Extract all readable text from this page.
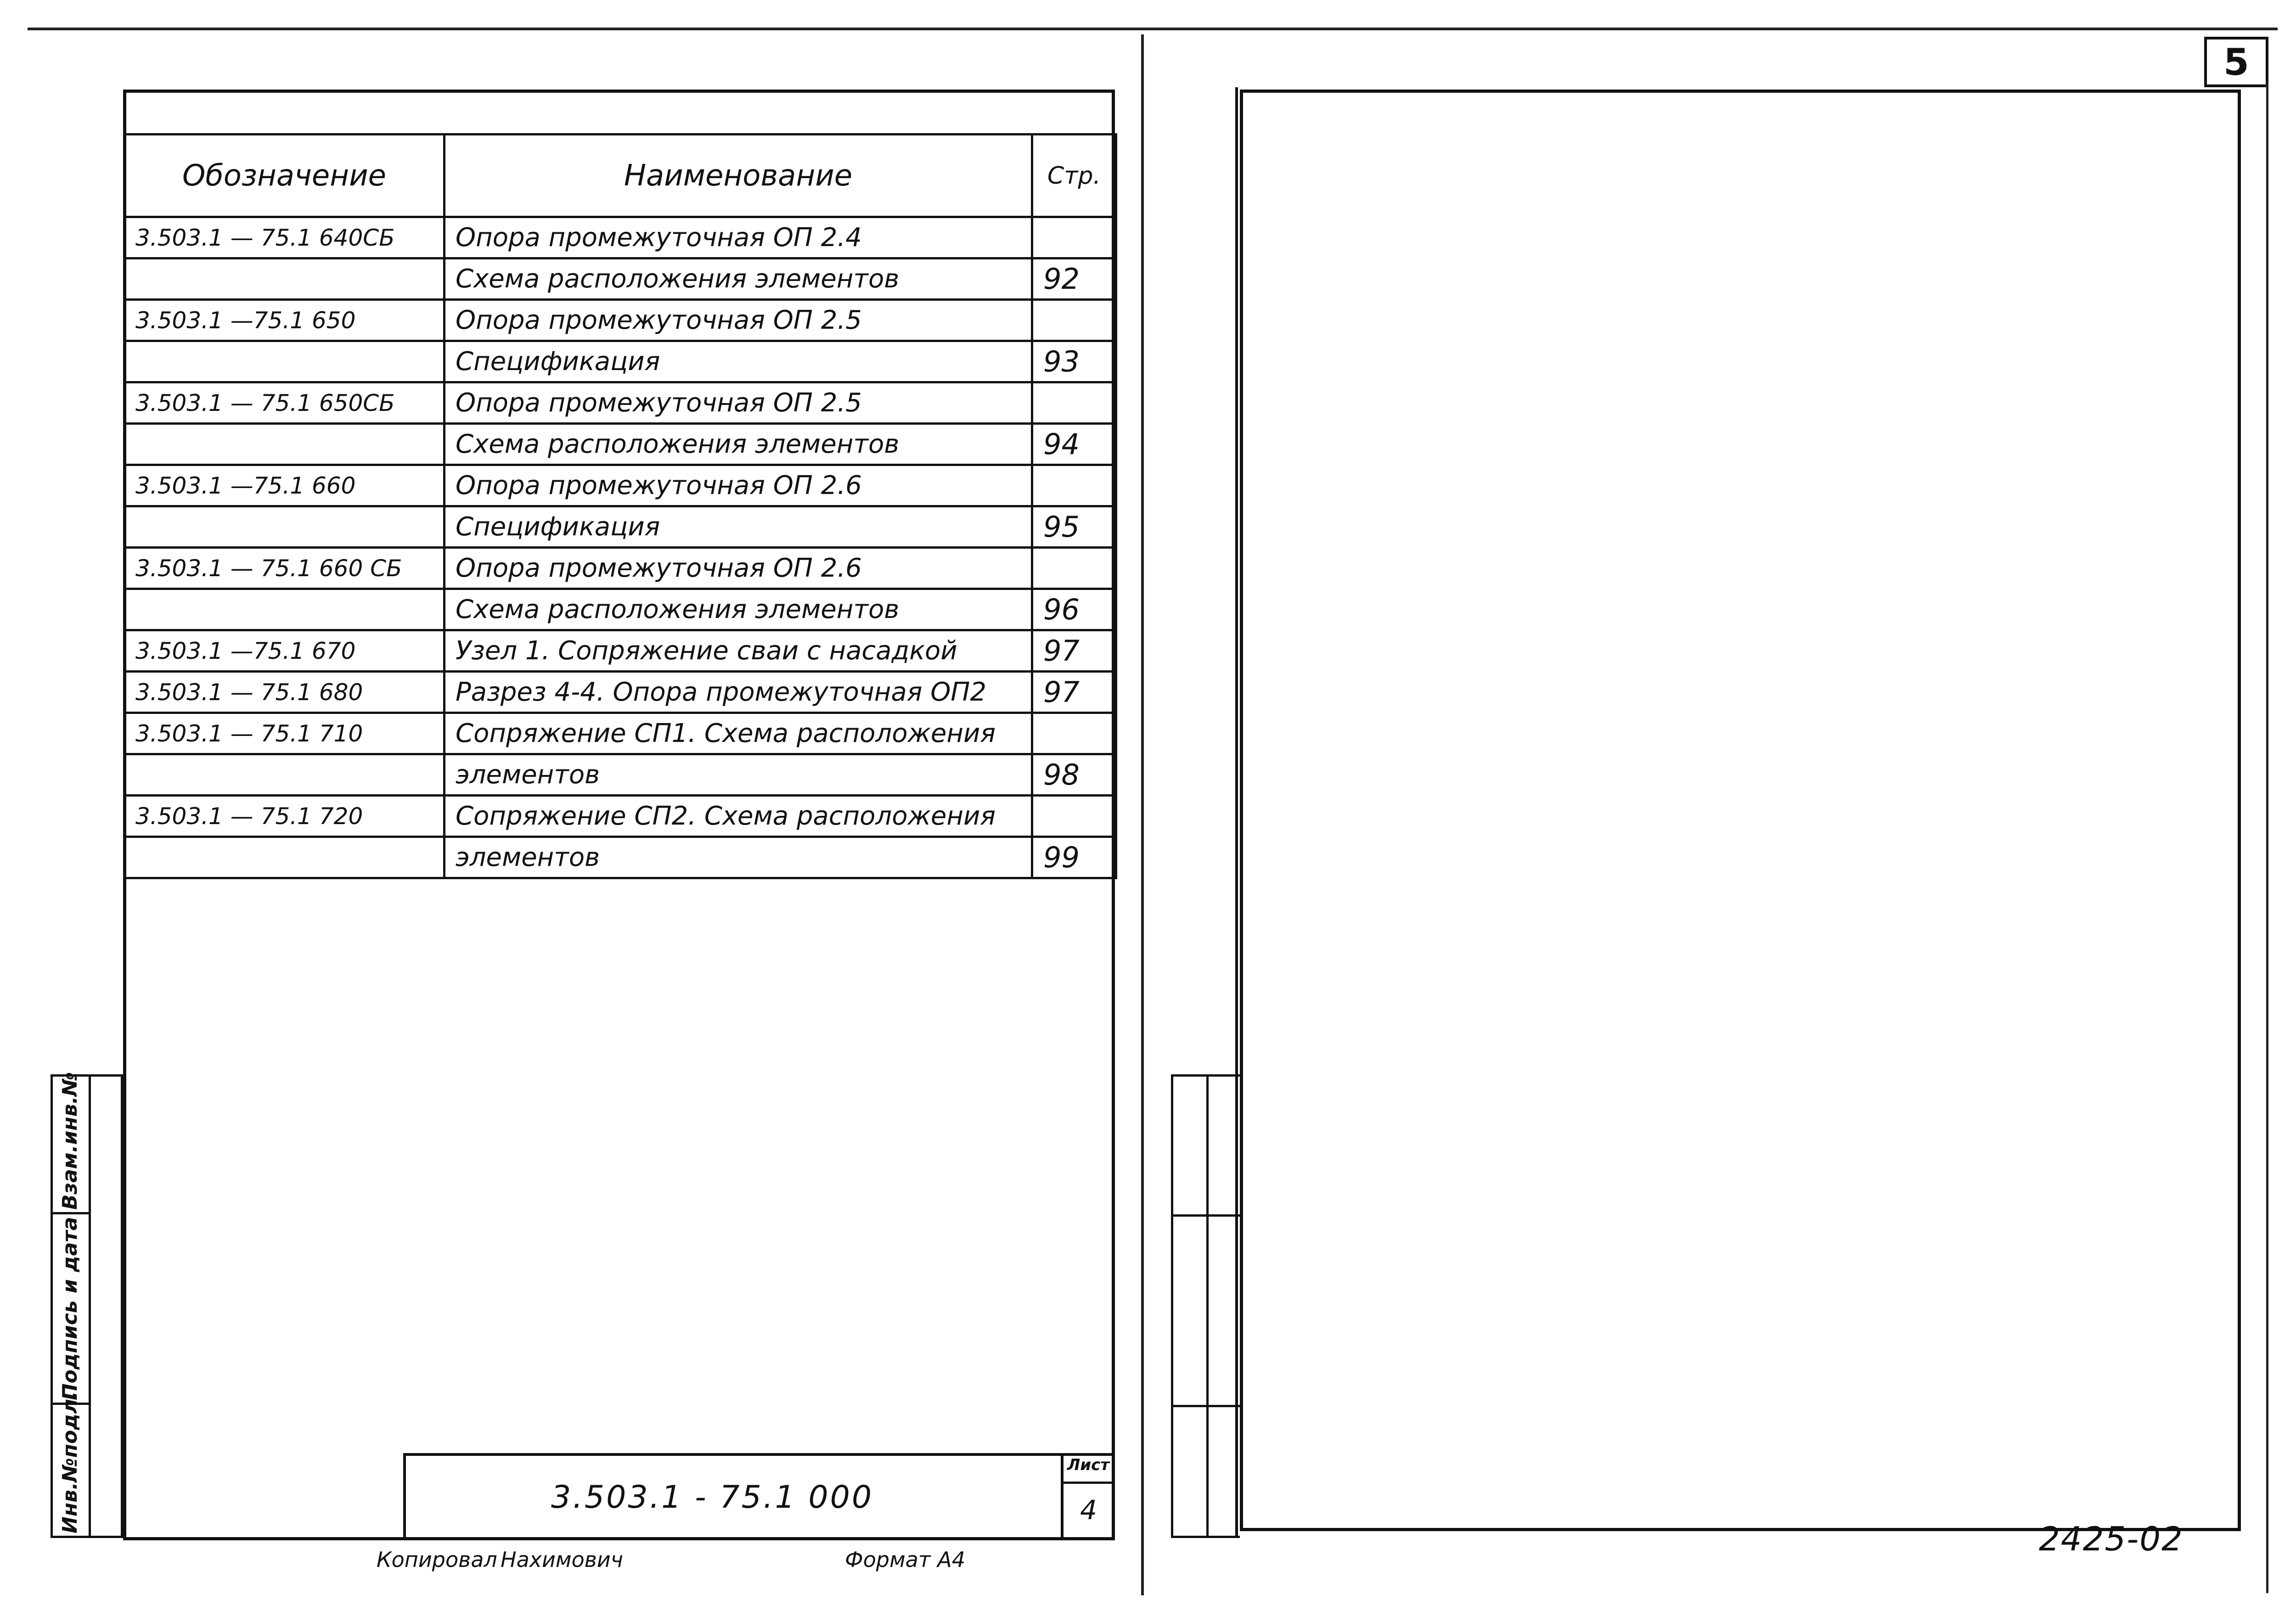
Обозначение	Наименование	Стр.
3.503.1 — 75.1 640СБ	Опора промежуточная ОП 2.4	
	Схема расположения элементов	92
3.503.1 —75.1 650	Опора промежуточная ОП 2.5	
	Спецификация	93
3.503.1 — 75.1 650СБ	Опора промежуточная ОП 2.5	
	Схема расположения элементов	94
3.503.1 —75.1 660	Опора промежуточная ОП 2.6	
	Спецификация	95
3.503.1 — 75.1 660 СБ	Опора промежуточная ОП 2.6	
	Схема расположения элементов	96
3.503.1 —75.1 670	Узел 1. Сопряжение сваи с насадкой	97
3.503.1 — 75.1 680	Разрез 4-4. Опора промежуточная ОП2	97
3.503.1 — 75.1 710	Сопряжение СП1. Схема расположения	
	элементов	98
3.503.1 — 75.1 720	Сопряжение СП2. Схема расположения	
	элементов	99
Взам.инв.№
Подпись и дата
Инв.№подл.	3.503.1 - 75.1 000
Лист
4
Копировал Нахимович	Формат А4
5
2425-02
